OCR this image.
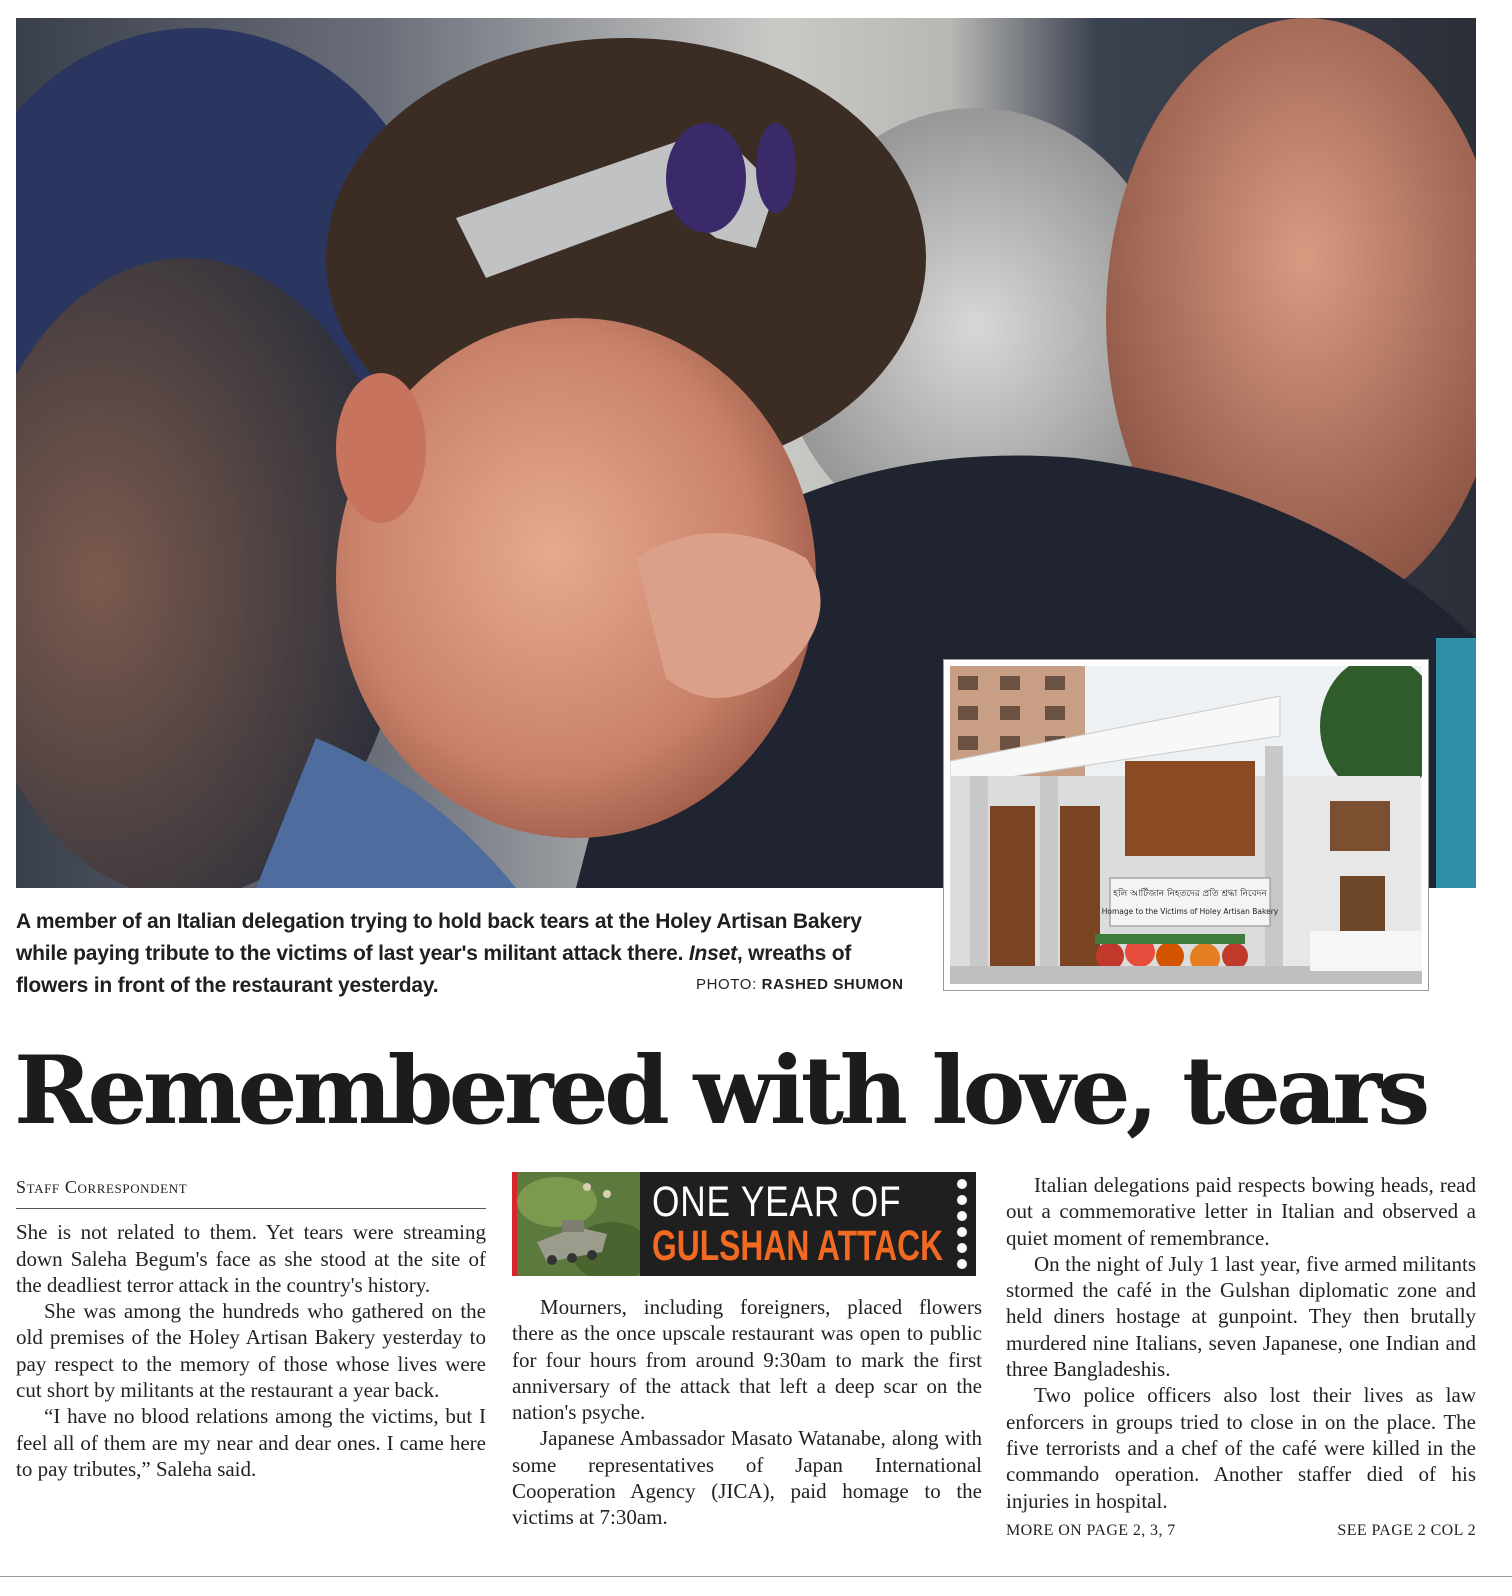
হলি আর্টিজান নিহতদের প্রতি শ্রদ্ধা নিবেদন
Homage to the Victims of Holey Artisan Bakery
A member of an Italian delegation trying to hold back tears at the Holey Artisan Bakery while paying tribute to the victims of last year's militant attack there. Inset, wreaths of flowers in front of the restaurant yesterday.	PHOTO: RASHED SHUMON
Remembered with love, tears
Staff Correspondent

She is not related to them. Yet tears were streaming down Saleha Begum's face as she stood at the site of the deadliest terror attack in the country's history.

She was among the hundreds who gathered on the old premises of the Holey Artisan Bakery yesterday to pay respect to the memory of those whose lives were cut short by militants at the restaurant a year back.

“I have no blood relations among the victims, but I feel all of them are my near and dear ones. I came here to pay tributes,” Saleha said.

ONE YEAR OF
GULSHAN ATTACK

Mourners, including foreigners, placed flowers there as the once upscale restaurant was open to public for four hours from around 9:30am to mark the first anniversary of the attack that left a deep scar on the nation's psyche.

Japanese Ambassador Masato Watanabe, along with some representatives of Japan International Cooperation Agency (JICA), paid homage to the victims at 7:30am.

Italian delegations paid respects bowing heads, read out a commemorative letter in Italian and observed a quiet moment of remembrance.

On the night of July 1 last year, five armed militants stormed the café in the Gulshan diplomatic zone and held diners hostage at gunpoint. They then brutally murdered nine Italians, seven Japanese, one Indian and three Bangladeshis.

Two police officers also lost their lives as law enforcers in groups tried to close in on the place. The five terrorists and a chef of the café were killed in the commando operation. Another staffer died of his injuries in hospital.

MORE ON PAGE 2, 3, 7	SEE PAGE 2 COL 2
